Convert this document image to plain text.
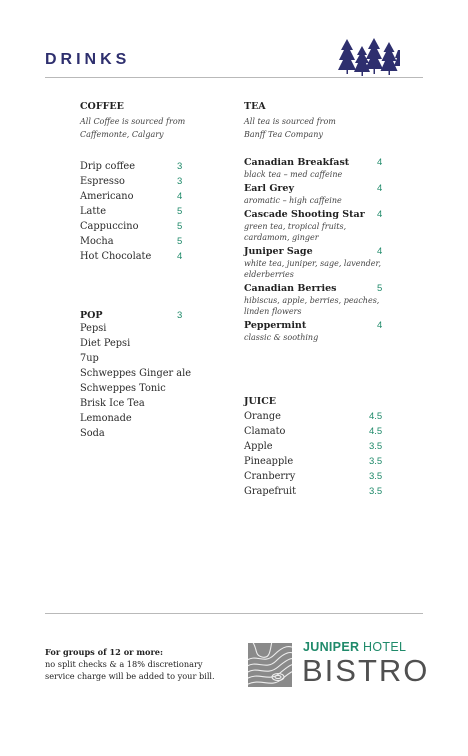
DRINKS
COFFEE
All Coffee is sourced from Caffemonte, Calgary
Drip coffee	3
Espresso	3
Americano	4
Latte	5
Cappuccino	5
Mocha	5
Hot Chocolate	4
POP	3
Pepsi
Diet Pepsi
7up
Schweppes Ginger ale
Schweppes Tonic
Brisk Ice Tea
Lemonade
Soda
TEA
All tea is sourced from Banff Tea Company
Canadian Breakfast	4
black tea – med caffeine
Earl Grey	4
aromatic – high caffeine
Cascade Shooting Star	4
green tea, tropical fruits, cardamom, ginger
Juniper Sage	4
white tea, juniper, sage, lavender, elderberries
Canadian Berries	5
hibiscus, apple, berries, peaches, linden flowers
Peppermint	4
classic & soothing
JUICE
Orange	4.5
Clamato	4.5
Apple	3.5
Pineapple	3.5
Cranberry	3.5
Grapefruit	3.5
For groups of 12 or more:
no split checks & a 18% discretionary
service charge will be added to your bill.
JUNIPER HOTEL
BISTRO
